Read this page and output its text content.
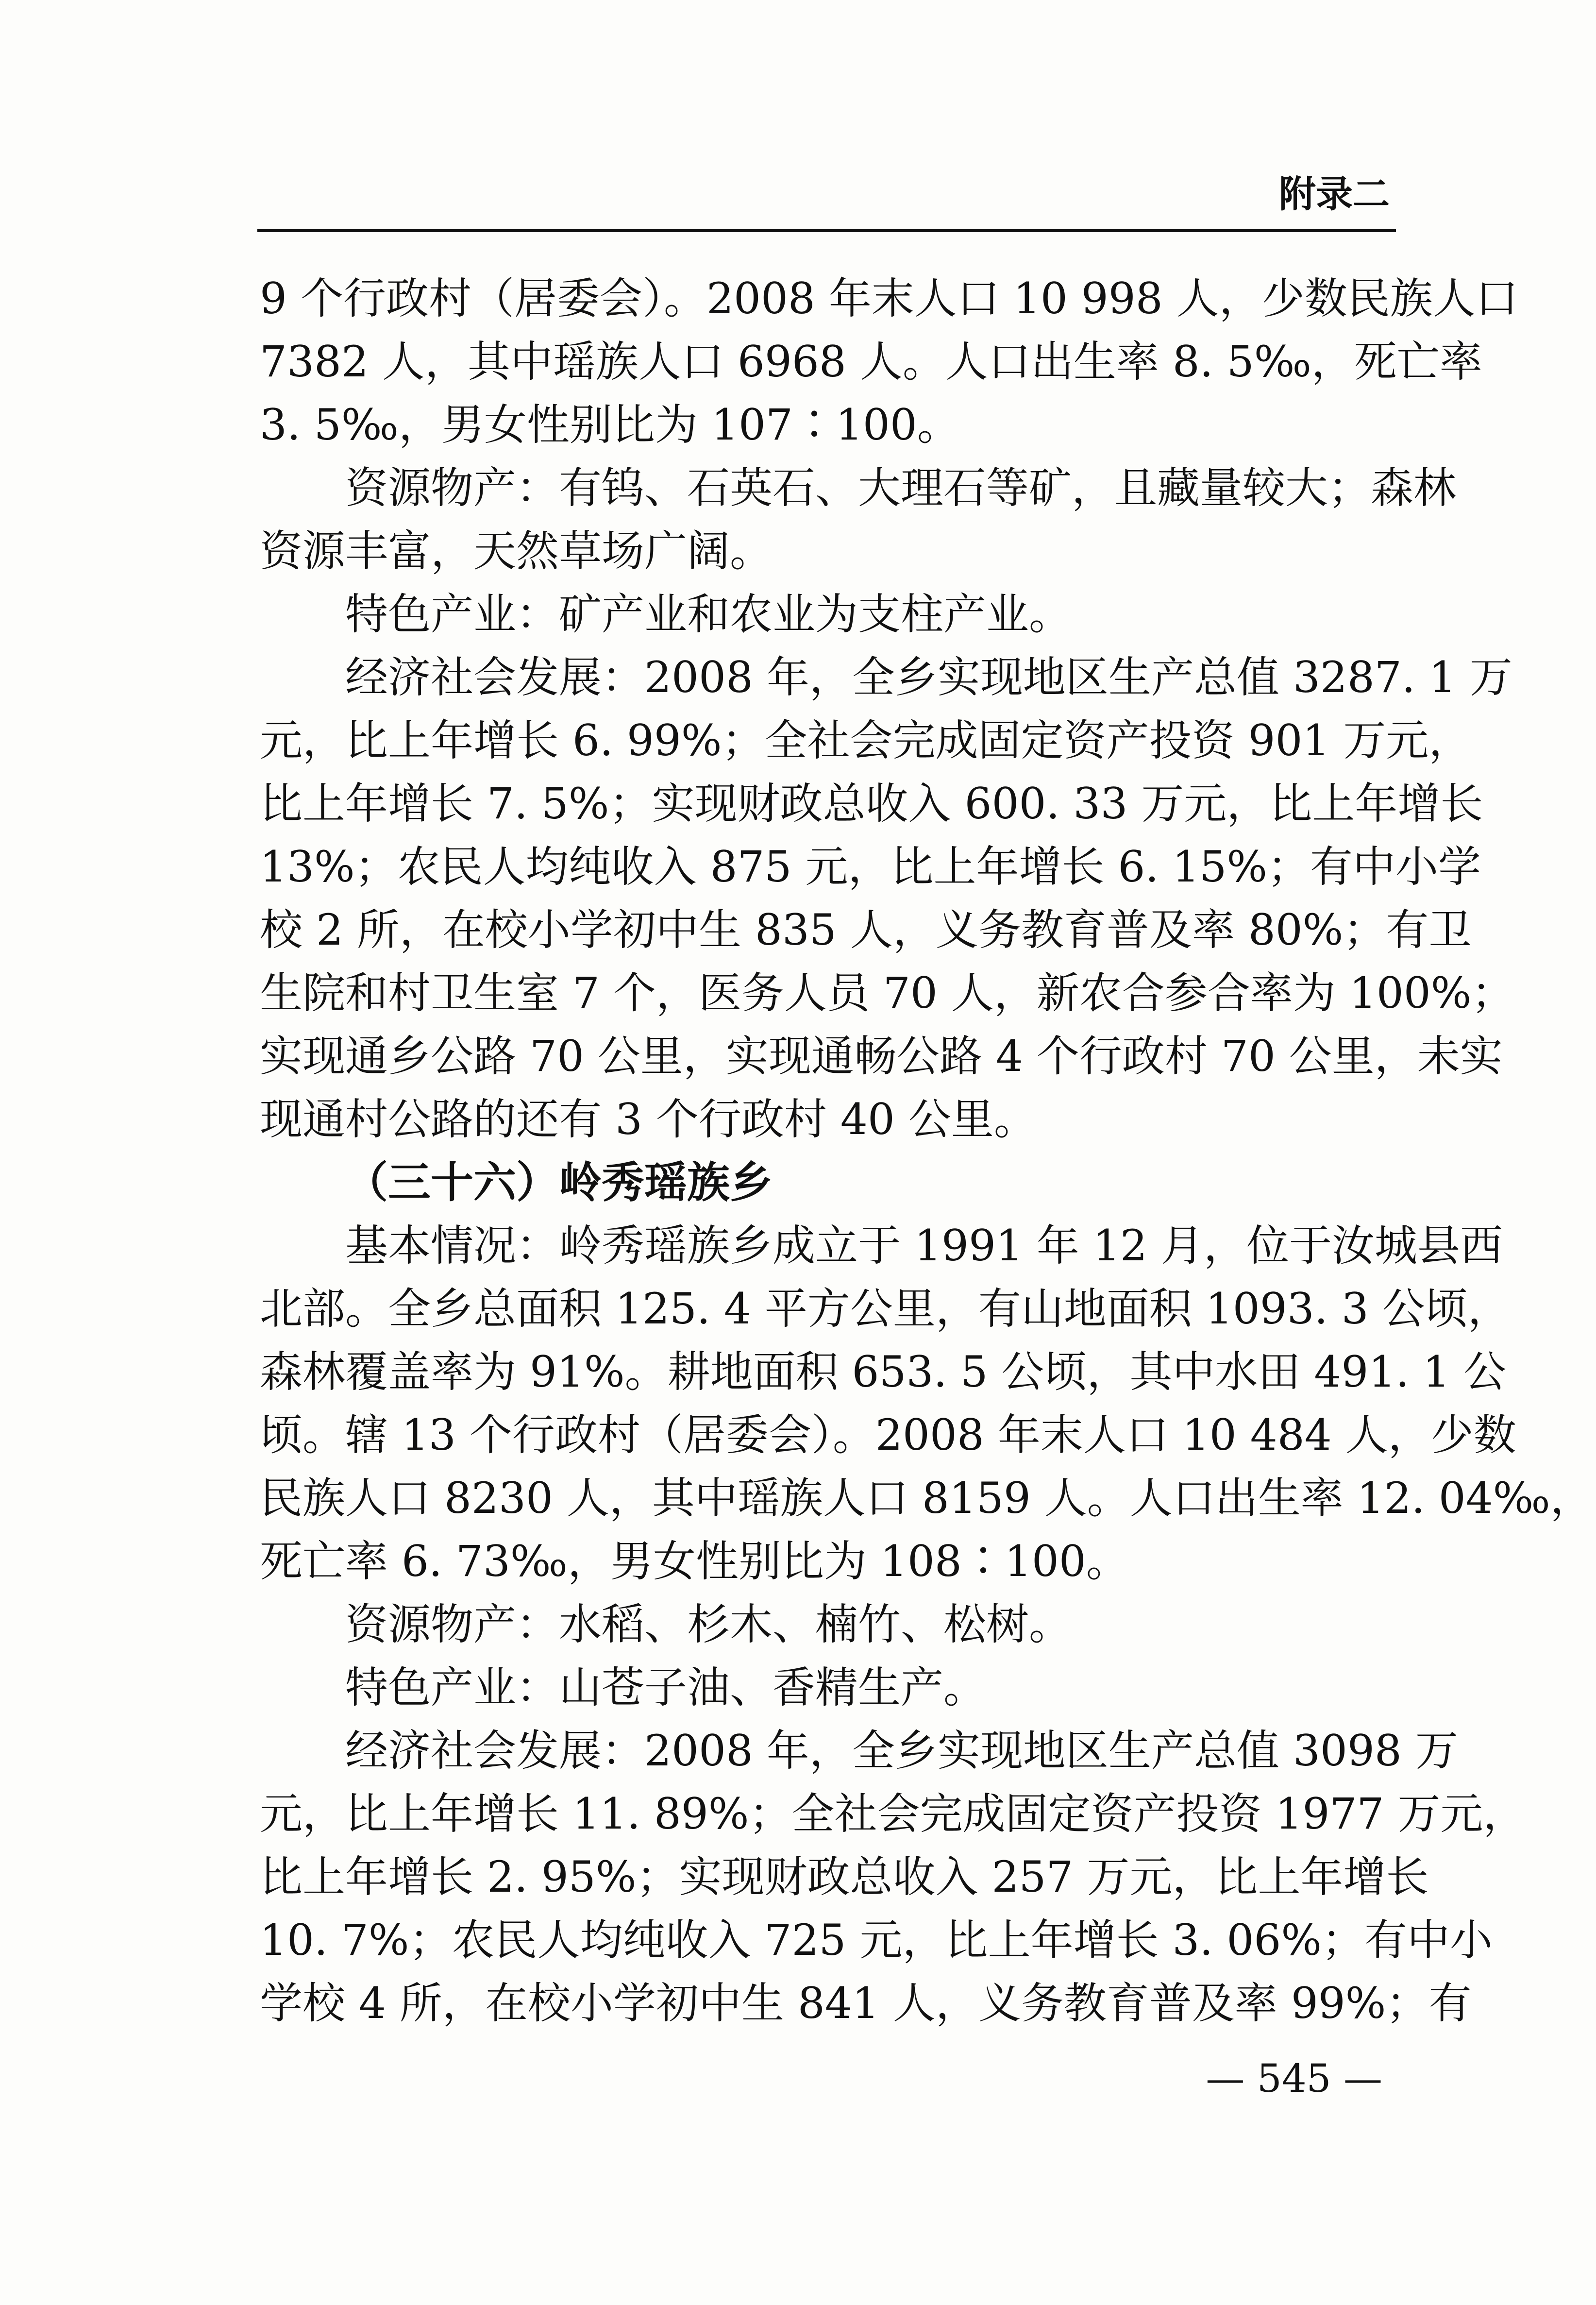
附录二
9 个行政村（居委会）。2008 年末人口 10 998 人，少数民族人口
7382 人，其中瑶族人口 6968 人。人口出生率 8. 5‰，死亡率
3. 5‰，男女性别比为 107∶100。
资源物产：有钨、石英石、大理石等矿，且藏量较大；森林
资源丰富，天然草场广阔。
特色产业：矿产业和农业为支柱产业。
经济社会发展：2008 年，全乡实现地区生产总值 3287. 1 万
元，比上年增长 6. 99%；全社会完成固定资产投资 901 万元，
比上年增长 7. 5%；实现财政总收入 600. 33 万元，比上年增长
13%；农民人均纯收入 875 元，比上年增长 6. 15%；有中小学
校 2 所，在校小学初中生 835 人，义务教育普及率 80%；有卫
生院和村卫生室 7 个，医务人员 70 人，新农合参合率为 100%；
实现通乡公路 70 公里，实现通畅公路 4 个行政村 70 公里，未实
现通村公路的还有 3 个行政村 40 公里。
（三十六）岭秀瑶族乡
基本情况：岭秀瑶族乡成立于 1991 年 12 月，位于汝城县西
北部。全乡总面积 125. 4 平方公里，有山地面积 1093. 3 公顷，
森林覆盖率为 91%。耕地面积 653. 5 公顷，其中水田 491. 1 公
顷。辖 13 个行政村（居委会）。2008 年末人口 10 484 人，少数
民族人口 8230 人，其中瑶族人口 8159 人。人口出生率 12. 04‰，
死亡率 6. 73‰，男女性别比为 108∶100。
资源物产：水稻、杉木、楠竹、松树。
特色产业：山苍子油、香精生产。
经济社会发展：2008 年，全乡实现地区生产总值 3098 万
元，比上年增长 11. 89%；全社会完成固定资产投资 1977 万元，
比上年增长 2. 95%；实现财政总收入 257 万元，比上年增长
10. 7%；农民人均纯收入 725 元，比上年增长 3. 06%；有中小
学校 4 所，在校小学初中生 841 人，义务教育普及率 99%；有
— 545 —
